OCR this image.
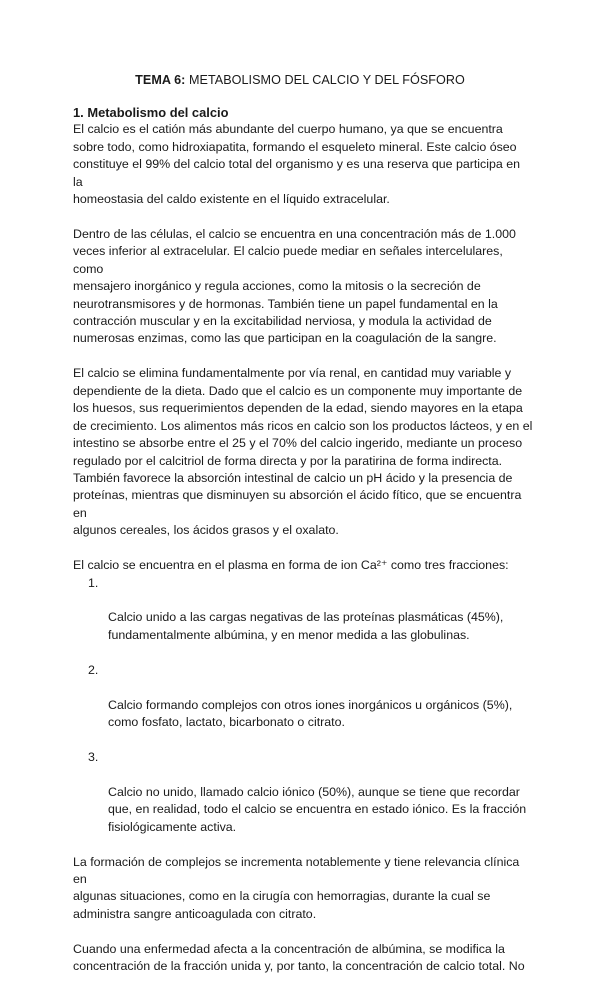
TEMA 6: METABOLISMO DEL CALCIO Y DEL FÓSFORO

1. Metabolismo del calcio

El calcio es el catión más abundante del cuerpo humano, ya que se encuentra
sobre todo, como hidroxiapatita, formando el esqueleto mineral. Este calcio óseo
constituye el 99% del calcio total del organismo y es una reserva que participa en la
homeostasia del caldo existente en el líquido extracelular.

Dentro de las células, el calcio se encuentra en una concentración más de 1.000
veces inferior al extracelular. El calcio puede mediar en señales intercelulares, como
mensajero inorgánico y regula acciones, como la mitosis o la secreción de
neurotransmisores y de hormonas. También tiene un papel fundamental en la
contracción muscular y en la excitabilidad nerviosa, y modula la actividad de
numerosas enzimas, como las que participan en la coagulación de la sangre.

El calcio se elimina fundamentalmente por vía renal, en cantidad muy variable y
dependiente de la dieta. Dado que el calcio es un componente muy importante de
los huesos, sus requerimientos dependen de la edad, siendo mayores en la etapa
de crecimiento. Los alimentos más ricos en calcio son los productos lácteos, y en el
intestino se absorbe entre el 25 y el 70% del calcio ingerido, mediante un proceso
regulado por el calcitriol de forma directa y por la paratirina de forma indirecta.
También favorece la absorción intestinal de calcio un pH ácido y la presencia de
proteínas, mientras que disminuyen su absorción el ácido fítico, que se encuentra en
algunos cereales, los ácidos grasos y el oxalato.

El calcio se encuentra en el plasma en forma de ion Ca²⁺ como tres fracciones:

1.

Calcio unido a las cargas negativas de las proteínas plasmáticas (45%),
fundamentalmente albúmina, y en menor medida a las globulinas.

2.

Calcio formando complejos con otros iones inorgánicos u orgánicos (5%),
como fosfato, lactato, bicarbonato o citrato.

3.

Calcio no unido, llamado calcio iónico (50%), aunque se tiene que recordar
que, en realidad, todo el calcio se encuentra en estado iónico. Es la fracción
fisiológicamente activa.

La formación de complejos se incrementa notablemente y tiene relevancia clínica en
algunas situaciones, como en la cirugía con hemorragias, durante la cual se
administra sangre anticoagulada con citrato.

Cuando una enfermedad afecta a la concentración de albúmina, se modifica la
concentración de la fracción unida y, por tanto, la concentración de calcio total. No
